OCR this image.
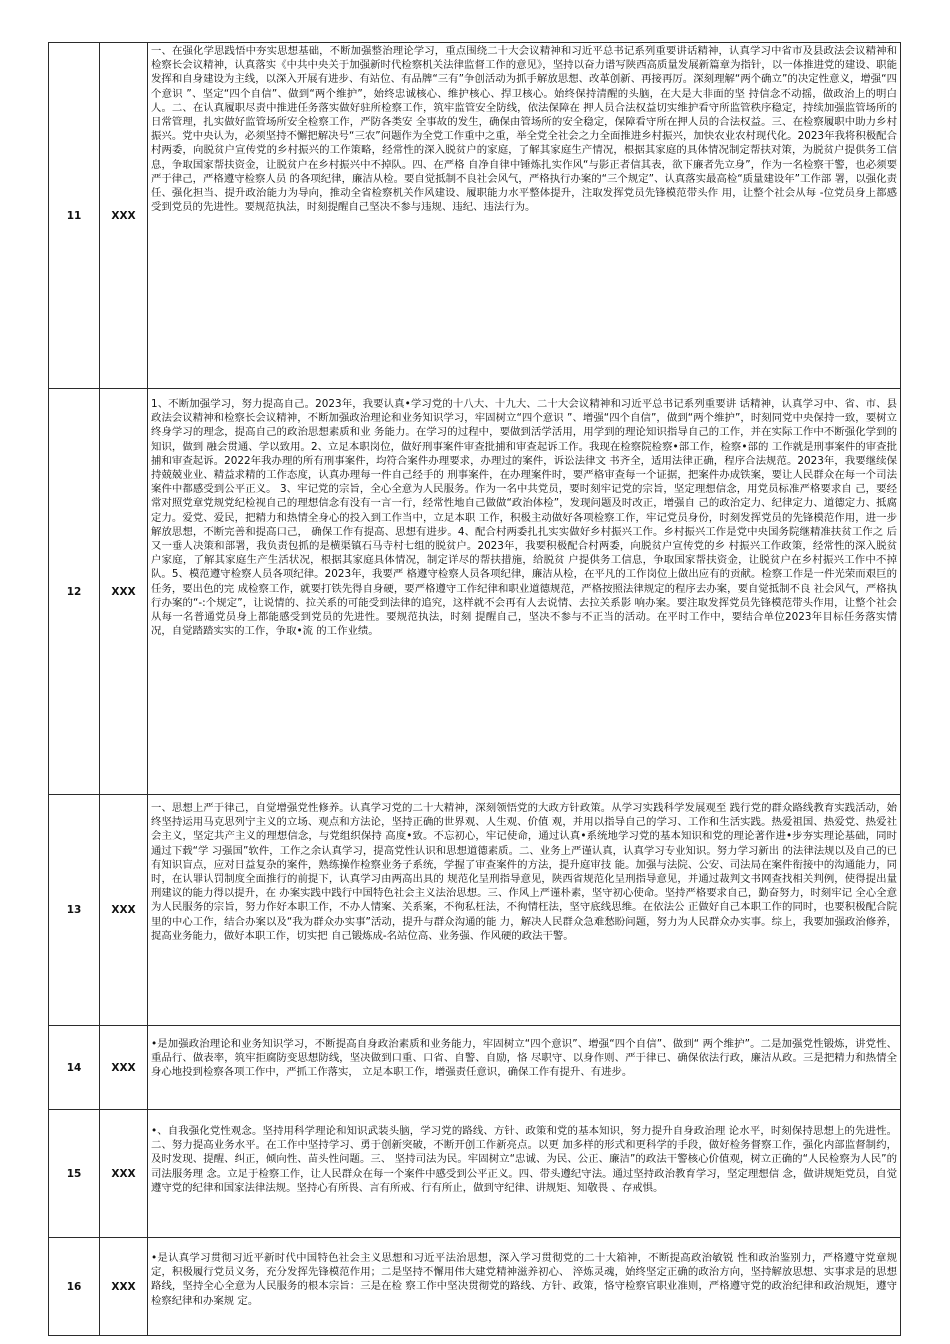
11	XXX	一、在强化学思践悟中夯实思想基础，不断加强整治理论学习，重点围绕二十大会议精神和习近平总书记系列重要讲话精神，认真学习中省市及县政法会议精神和检察长会议精神，认真落实《中共中央关于加强新时代检察机关法律监督工作的意见》，坚持以奋力谱写陕西高质量发展新篇章为指针，以一体推进党的建设、职能发挥和自身建设为主线，以深入开展有进步、有站位、有品牌“三有”争创活动为抓手解放思想、改革创新、再接再厉。深刻理解“两个确立”的决定性意义，增强“四个意识 ”、坚定“四个自信”、做到“两个维护”，始终忠诚核心、维护核心、捍卫核心。始终保持清醒的头脑，在大是大非面的坚 持信念不动摇，做政治上的明白人。二、在认真履职尽责中推进任务落实做好驻所检察工作，筑牢监管安全防线，依法保障在 押人员合法权益切实维护看守所监管秩序稳定，持续加强监管场所的日常管理，扎实做好监管场所安全检察工作，严防各类安 全事故的发生，确保由管场所的安全稳定，保障看守所在押人员的合法权益。三、在检察履职中助力乡村振兴。党中央认为，必须坚持不懈把解决号“三农”问题作为全党工作重中之重，举全党全社会之力全面推进乡村振兴，加快农业农村现代化。2023年我将积极配合村两委，向脱贫户宣传党的乡村振兴的工作策略，经常性的深入脱贫户的家庭，了解其家庭生产情况，根据其家庭的具体情况制定帮扶对策，为脱贫户提供务工信息，争取国家帮扶资金，让脱贫户在乡村振兴中不掉队。四、在严格 自净自律中锤炼扎实作风“与影正者信其表，欲下廉者先立身”，作为一名检察干警，也必须要严于律己，严格遵守检察人员 的各项纪律，廉洁从检。要自觉抵制不良社会风气，严格执行办案的“三个规定”、认真落实最高检“质量建设年”工作部 署，以强化责任、强化担当、提升政治能力为导向，推动全省检察机关作风建设、履职能力水平整体提升，注取发挥党员先锋模范带头作 用，让整个社会从每 -位党员身上都感受到党员的先进性。要规范执法，时刻提醒自己坚决不参与违规、违纪、违法行为。

12	XXX	1、不断加强学习，努力提高自己。2023年，我要认真•学习党的十八大、十九大、二十大会议精神和习近平总书记系列重要讲 话精神，认真学习中、省、市、县政法会议精神和检察长会议精神，不断加强政治理论和业务知识学习，牢固树立“四个意识 ”、增强“四个自信”，做到“两个维护”，时刻同党中央保持一致，要树立终身学习的理念，提高自己的政治思想素质和业 务能力。在学习的过程中，要做到活学活用，用学到的理论知识指导自己的工作，并在实际工作中不断强化学到的知识，做到 融会贯通、学以致用。2、立足本职岗位，做好刑事案件审查批捕和审查起诉工作。我现在检察院检察•部工作，检察•部的 工作就是刑事案件的审查批捕和审查起诉。2022年我办理的所有刑事案件，均符合案件办理要求，办理过的案件，诉讼法律文 书齐全，适用法律正确，程序合法规范。2023年，我要继续保持兢兢业业、精益求精的工作态度，认真办理每一件自己经手的 刑事案件，在办理案件时，要严格审查每一个证据，把案件办成铁案，要让人民群众在每一个司法案件中都感受到公平正义。 3、牢记党的宗旨，全心全意为人民服务。作为一名中共党员，要时刻牢记党的宗旨，坚定理想信念，用党员标准严格要求自 己，要经常对照党章党规党纪检视自己的理想信念有没有一言一行，经常性地自己做做“政治体检”，发现问题及时改正，增强自 己的政治定力、纪律定力、道德定力、抵腐定力。爱党、爱民，把精力和热情全身心的投入到工作当中，立足本职 工作，积极主动做好各项检察工作，牢记党员身份，时刻发挥党员的先锋模范作用，进一步解放思想，不断完善和提高口己， 确保工作有提高、思想有进步。4、配合村两委扎扎实实做好乡村振兴工作。乡村振兴工作是党中央国务院继精准扶贫工作之 后又一垂人决策和部署，我负责包抓的是横渠镇石马寺村七组的脱贫户。2023年，我要积极配合村两委，向脱贫户宣传党的乡 村振兴工作政策，经常性的深入脱贫户家庭，了解其家庭生产生活状况，根据其家庭具体情况，制定详尽的帮扶措施，给脱贫 户提供务工信息，争取国家帮扶资金，让脱贫户在乡村振兴工作中不掉队。5、模范遵守检察人员各项纪律。2023年，我要严 格遵守检察人员各项纪律，廉洁从检，在平凡的工作岗位上做出应有的贡献。检察工作是一件光荣而艰巨的任务，要出色的完 成检察工作，就要打铁先得自身硬，要严格遵守工作纪律和职业道德规范，严格按照法律规定的程序去办案，要自觉抵制不良 社会风气，严格执行办案的“-:个规定”，让说情的、拉关系的可能受到法律的追究，这样就不会再有人去说情、去拉关系影 响办案。要注取发挥党员先锋模范带头作用，让整个社会从每一名普通党员身上都能感受到党员的先进性。要规范执法，时刻 提醒自己，坚决不参与不正当的活动。在平时工作中，要结合单位2023年目标任务落实情况，自觉踏踏实实的工作，争取•流 的工作业绩。

13	XXX	一、思想上严于律己，自觉增强党性修养。认真学习党的二十大精神，深刻领悟党的大政方针政策。从学习实践科学发展观至 践行党的群众路线教育实践活动，始终坚持运用马克思列宁主义的立场、观点和方法论，坚持正确的世界观、人生观、价值 观，并用以指导自己的学习、工作和生活实践。热爱祖国、热爱党、热爱社会主义，坚定共产主义的理想信念，与党组织保持 高度•致。不忘初心，牢记使命，通过认真•系统地学习党的基本知识和党的理论著作进•步夯实理论基础，同时通过下载“学 习强国”软件，工作之余认真学习，提高党性认识和思想道德素质。二、业务上严谨认真，认真学习专业知识。努力学习新出 的法律法规以及自己的已有知识盲点，应对日益复杂的案件，熟练操作检察业务子系统，学握了审查案件的方法，提升庭审技 能。加强与法院、公安、司法局在案件衔接中的沟通能力，同时，在认罪认罚制度全面推行的前提下，认真学习由两高出具的 规范化呈刑指导意见，陕西省规范化呈刑指导意见，并通过裁判文书网查找相关判例，使得提出量刑建议的能力得以提升，在 办案实践中践行中国特色社会主义法治思想。三、作风上严谨朴素，坚守初心使命。坚持严格要求自己，勤奋努力，时刻牢记 全心全意为人民服务的宗旨，努力作好本职工作，不办人情案、关系案，不徇私枉法，不徇情枉法，坚守底线思维。在依法公 正做好自己本职工作的同时，也要积极配合院里的中心工作，结合办案以及“我为群众办实事”活动，提升与群众沟通的能 力，解决人民群众急难愁盼问题，努力为人民群众办实事。综上，我要加强政治修养，捉高业务能力，做好本职工作，切实把 自己锻炼成-名站位高、业务强、作风硬的政法干警。

14	XXX	•是加强政治理论和业务知识学习，不断提高自身政治素质和业务能力，牢固树立“四个意识”、增强“四个自信”、做到“ 两个维护”。二是加强党性锻炼，讲党性、重品行、做表率，筑牢拒腐防变思想防线，坚决做到口重、口省、自警、自励，恪 尽职守、以身作则、严于律已、确保依法行政，廉洁从政。三是把精力和热情全身心地投到检察各项工作中，严抓工作落实， 立足本职工作，增强责任意识，确保工作有提升、有进步。

15	XXX	•、自我强化党性观念。坚持用科学理论和知识武装头脑，学习党的路线、方针、政策和党的基本知识，努力提升自身政治理 论水平，时刻保持思想上的先进性。二、努力提高业务水平。在工作中坚持学习、勇于创新突破，不断开创工作新亮点。以更 加多样的形式和更科学的手段，做好检务督察工作，强化内部监督制约，及时发现、提醒、纠正，倾向性、苗头性问题。三、 坚持司法为民。牢固树立“忠诚、为民、公正、廉洁”的政法干警核心价值观，树立正确的“人民检察为人民”的司法服务理 念。立足于检察工作，让人民群众在每一个案件中感受到公平正义。四、带头遵纪守法。通过坚持政治教育学习，坚定理想信 念，做讲规矩党员，自觉遵守党的纪律和国家法律法规。坚持心有所畏、言有所戒、行有所止，做到守纪律、讲规矩、知敬畏 、存戒惧。

16	XXX	•是认真学习贯彻习近平新时代中国特色社会主义思想和习近平法治思想，深入学习贯彻党的二十大箱神，不断提高政治敏锐 性和政治鉴别力，严格遵守党章规定，积极履行党员义务，充分发挥先锋模范作用；二是坚持不懈用伟大建党精神滋养初心、 淬炼灵魂，始终坚定正确的政治方向，坚持解放思想、实事求是的思想路线，坚持全心全意为人民服务的根本宗旨：三是在检 察工作中坚决贯彻党的路线、方针、政策，恪守检察官职业准则，严格遵守党的政治纪律和政治规矩，遵守检察纪律和办案规 定。
